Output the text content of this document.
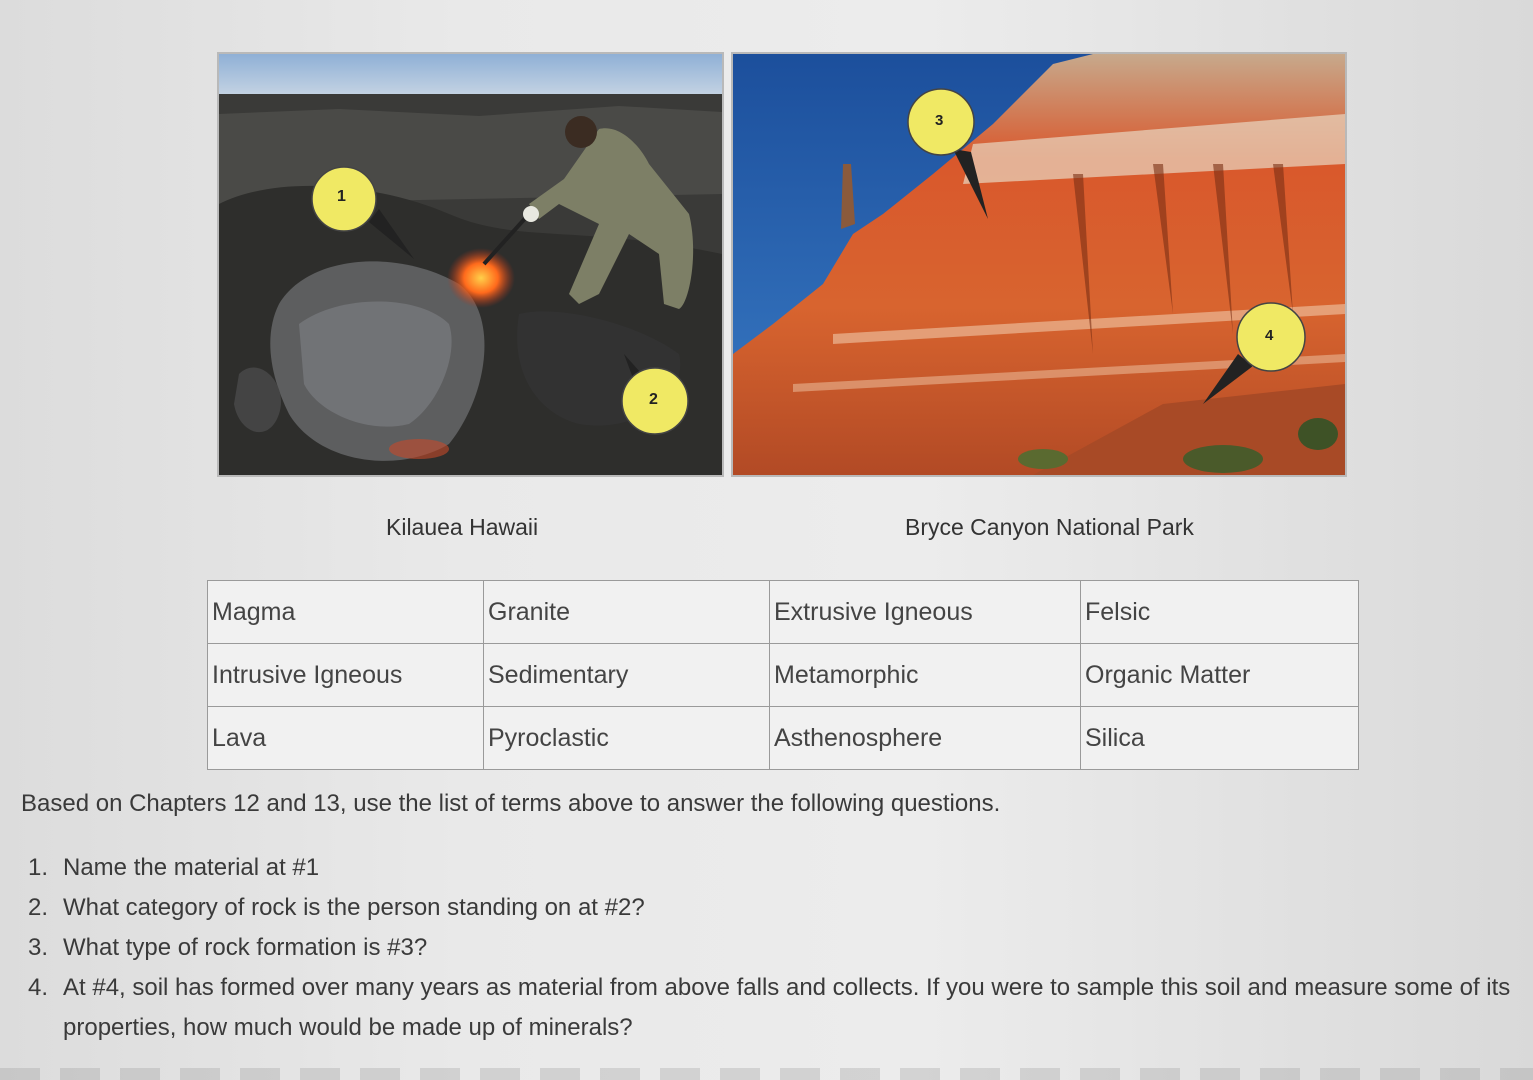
1
2
3
4
Kilauea Hawaii	Bryce Canyon National Park
Magma	Granite	Extrusive Igneous	Felsic
Intrusive Igneous	Sedimentary	Metamorphic	Organic Matter
Lava	Pyroclastic	Asthenosphere	Silica
Based on Chapters 12 and 13, use the list of terms above to answer the following questions.
1. Name the material at #1
2. What category of rock is the person standing on at #2?
3. What type of rock formation is #3?
4. At #4, soil has formed over many years as material from above falls and collects. If you were to sample this soil and measure some of its properties, how much would be made up of minerals?
